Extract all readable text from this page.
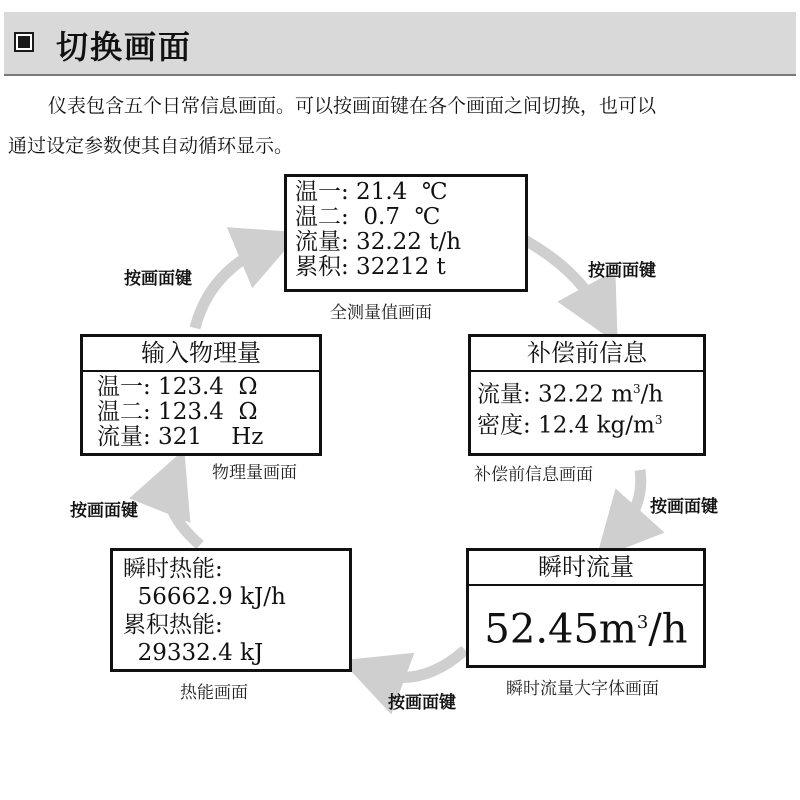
切换画面
仪表包含五个日常信息画面。可以按画面键在各个画面之间切换，也可以
通过设定参数使其自动循环显示。
温一: 21.4  ℃
温二:  0.7  ℃
流量: 32.22 t/h
累积: 32212 t
全测量值画面
补偿前信息
流量: 32.22 $m^3/h$
密度: 12.4 $kg/m^3$
补偿前信息画面
瞬时流量
$52.45m^3/h$
瞬时流量大字体画面
瞬时热能:
56662.9 kJ/h
累积热能:
29332.4 kJ
热能画面
输入物理量
温一: 123.4  Ω
温二: 123.4  Ω
流量: 321    Hz
物理量画面
按画面键
按画面键
按画面键
按画面键
按画面键
